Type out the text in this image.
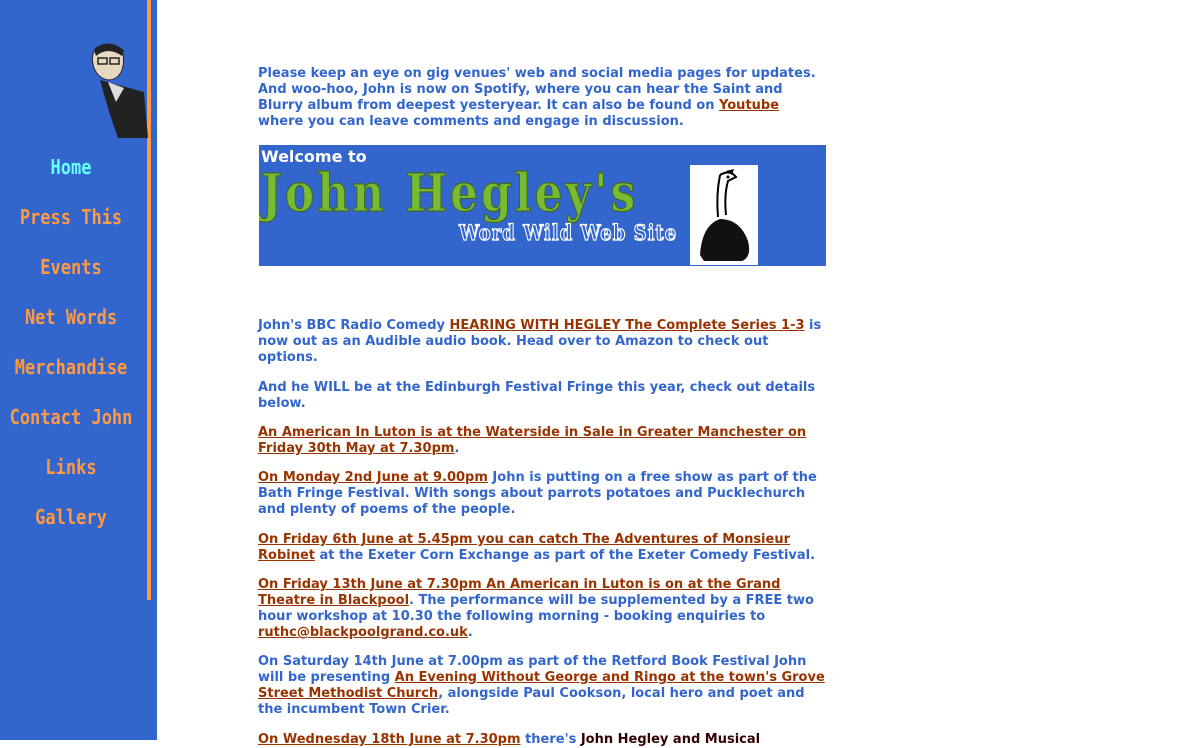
Home
Press This
Events
Net Words
Merchandise
Contact John
Links
Gallery
Welcome to
John Hegley's
Word Wild Web Site

Please keep an eye on gig venues' web and social media pages for updates. And woo-hoo, John is now on Spotify, where you can hear the Saint and Blurry album from deepest yesteryear. It can also be found on Youtube where you can leave comments and engage in discussion.

John's BBC Radio Comedy HEARING WITH HEGLEY The Complete Series 1-3 is now out as an Audible audio book. Head over to Amazon to check out options.

And he WILL be at the Edinburgh Festival Fringe this year, check out details below.

An American In Luton is at the Waterside in Sale in Greater Manchester on Friday 30th May at 7.30pm.

On Monday 2nd June at 9.00pm John is putting on a free show as part of the Bath Fringe Festival. With songs about parrots potatoes and Pucklechurch and plenty of poems of the people.

On Friday 6th June at 5.45pm you can catch The Adventures of Monsieur Robinet at the Exeter Corn Exchange as part of the Exeter Comedy Festival.

On Friday 13th June at 7.30pm An American in Luton is on at the Grand Theatre in Blackpool. The performance will be supplemented by a FREE two hour workshop at 10.30 the following morning - booking enquiries to ruthc@blackpoolgrand.co.uk.

On Saturday 14th June at 7.00pm as part of the Retford Book Festival John will be presenting An Evening Without George and Ringo at the town's Grove Street Methodist Church, alongside Paul Cookson, local hero and poet and the incumbent Town Crier.

On Wednesday 18th June at 7.30pm there's John Hegley and Musical
